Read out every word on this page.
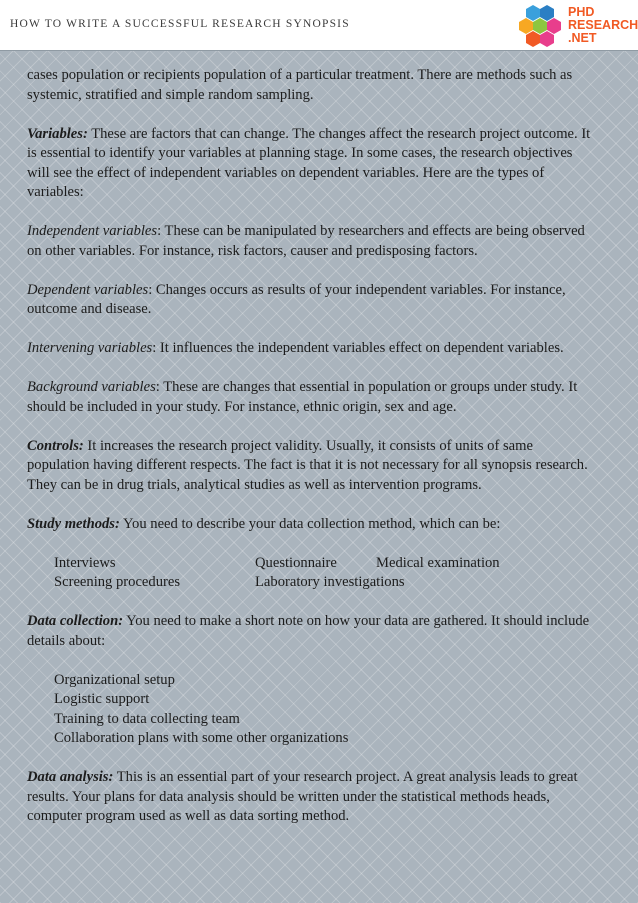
HOW TO WRITE A SUCCESSFUL RESEARCH SYNOPSIS
PHD
RESEARCH
.NET

cases population or recipients population of a particular treatment. There are methods such as systemic, stratified and simple random sampling.

Variables: These are factors that can change. The changes affect the research project outcome. It is essential to identify your variables at planning stage. In some cases, the research objectives will see the effect of independent variables on dependent variables. Here are the types of variables:

Independent variables: These can be manipulated by researchers and effects are being observed on other variables. For instance, risk factors, causer and predisposing factors.

Dependent variables: Changes occurs as results of your independent variables. For instance, outcome and disease.

Intervening variables: It influences the independent variables effect on dependent variables.

Background variables: These are changes that essential in population or groups under study. It should be included in your study. For instance, ethnic origin, sex and age.

Controls: It increases the research project validity. Usually, it consists of units of same population having different respects. The fact is that it is not necessary for all synopsis research. They can be in drug trials, analytical studies as well as intervention programs.

Study methods: You need to describe your data collection method, which can be:

Interviews	Questionnaire	Medical examination
Screening procedures	Laboratory investigations

Data collection: You need to make a short note on how your data are gathered. It should include details about:

Organizational setup
Logistic support
Training to data collecting team
Collaboration plans with some other organizations

Data analysis: This is an essential part of your research project. A great analysis leads to great results. Your plans for data analysis should be written under the statistical methods heads, computer program used as well as data sorting method.
